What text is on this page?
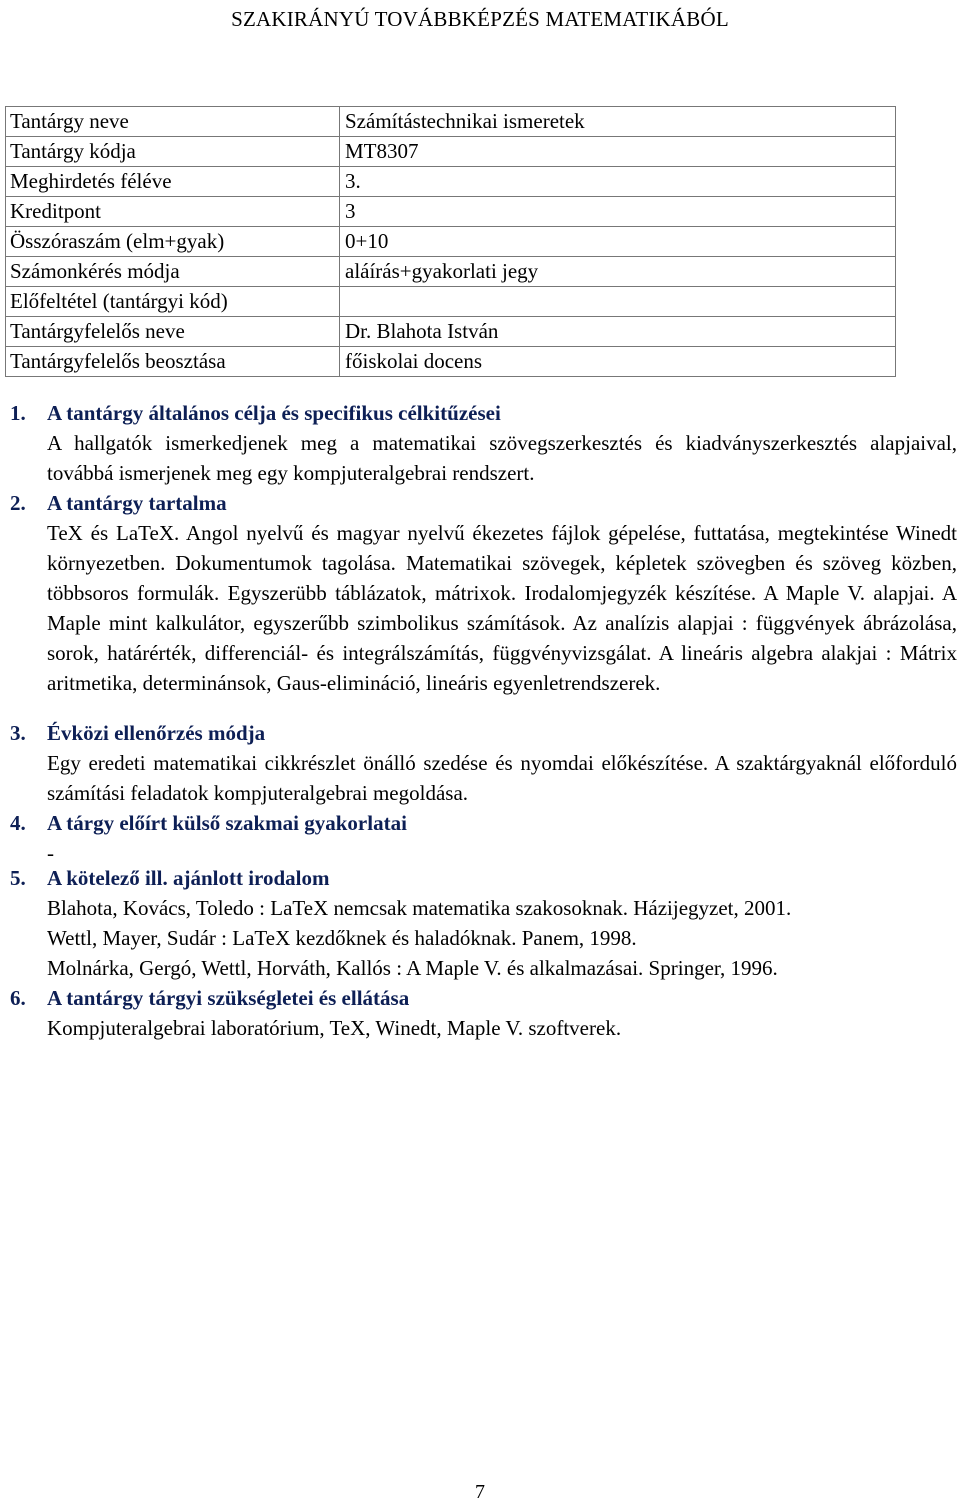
SZAKIRÁNYÚ TOVÁBBKÉPZÉS MATEMATIKÁBÓL
Tantárgy neve	Számítástechnikai ismeretek
Tantárgy kódja	MT8307
Meghirdetés féléve	3.
Kreditpont	3
Összóraszám (elm+gyak)	0+10
Számonkérés módja	aláírás+gyakorlati jegy
Előfeltétel (tantárgyi kód)	
Tantárgyfelelős neve	Dr. Blahota István
Tantárgyfelelős beosztása	főiskolai docens
1. A tantárgy általános célja és specifikus célkitűzései
A hallgatók ismerkedjenek meg a matematikai szövegszerkesztés és kiadványszerkesztés alapjaival, továbbá ismerjenek meg egy kompjuteralgebrai rendszert.
2. A tantárgy tartalma
TeX és LaTeX. Angol nyelvű és magyar nyelvű ékezetes fájlok gépelése, futtatása, megtekintése Winedt környezetben. Dokumentumok tagolása. Matematikai szövegek, képletek szövegben és szöveg közben, többsoros formulák. Egyszerübb táblázatok, mátrixok. Irodalomjegyzék készítése. A Maple V. alapjai. A Maple mint kalkulátor, egyszerűbb szimbolikus számítások. Az analízis alapjai : függvények ábrázolása, sorok, határérték, differenciál- és integrálszámítás, függvényvizsgálat. A lineáris algebra alakjai : Mátrix aritmetika, determinánsok, Gaus-elimináció, lineáris egyenletrendszerek.
3. Évközi ellenőrzés módja
Egy eredeti matematikai cikkrészlet önálló szedése és nyomdai előkészítése. A szaktárgyaknál előforduló számítási feladatok kompjuteralgebrai megoldása.
4. A tárgy előírt külső szakmai gyakorlatai
-
5. A kötelező ill. ajánlott irodalom

Blahota, Kovács, Toledo : LaTeX nemcsak matematika szakosoknak. Házijegyzet, 2001.

Wettl, Mayer, Sudár : LaTeX kezdőknek és haladóknak. Panem, 1998.

Molnárka, Gergó, Wettl, Horváth, Kallós : A Maple V. és alkalmazásai. Springer, 1996.

6. A tantárgy tárgyi szükségletei és ellátása
Kompjuteralgebrai laboratórium, TeX, Winedt, Maple V. szoftverek.
7
